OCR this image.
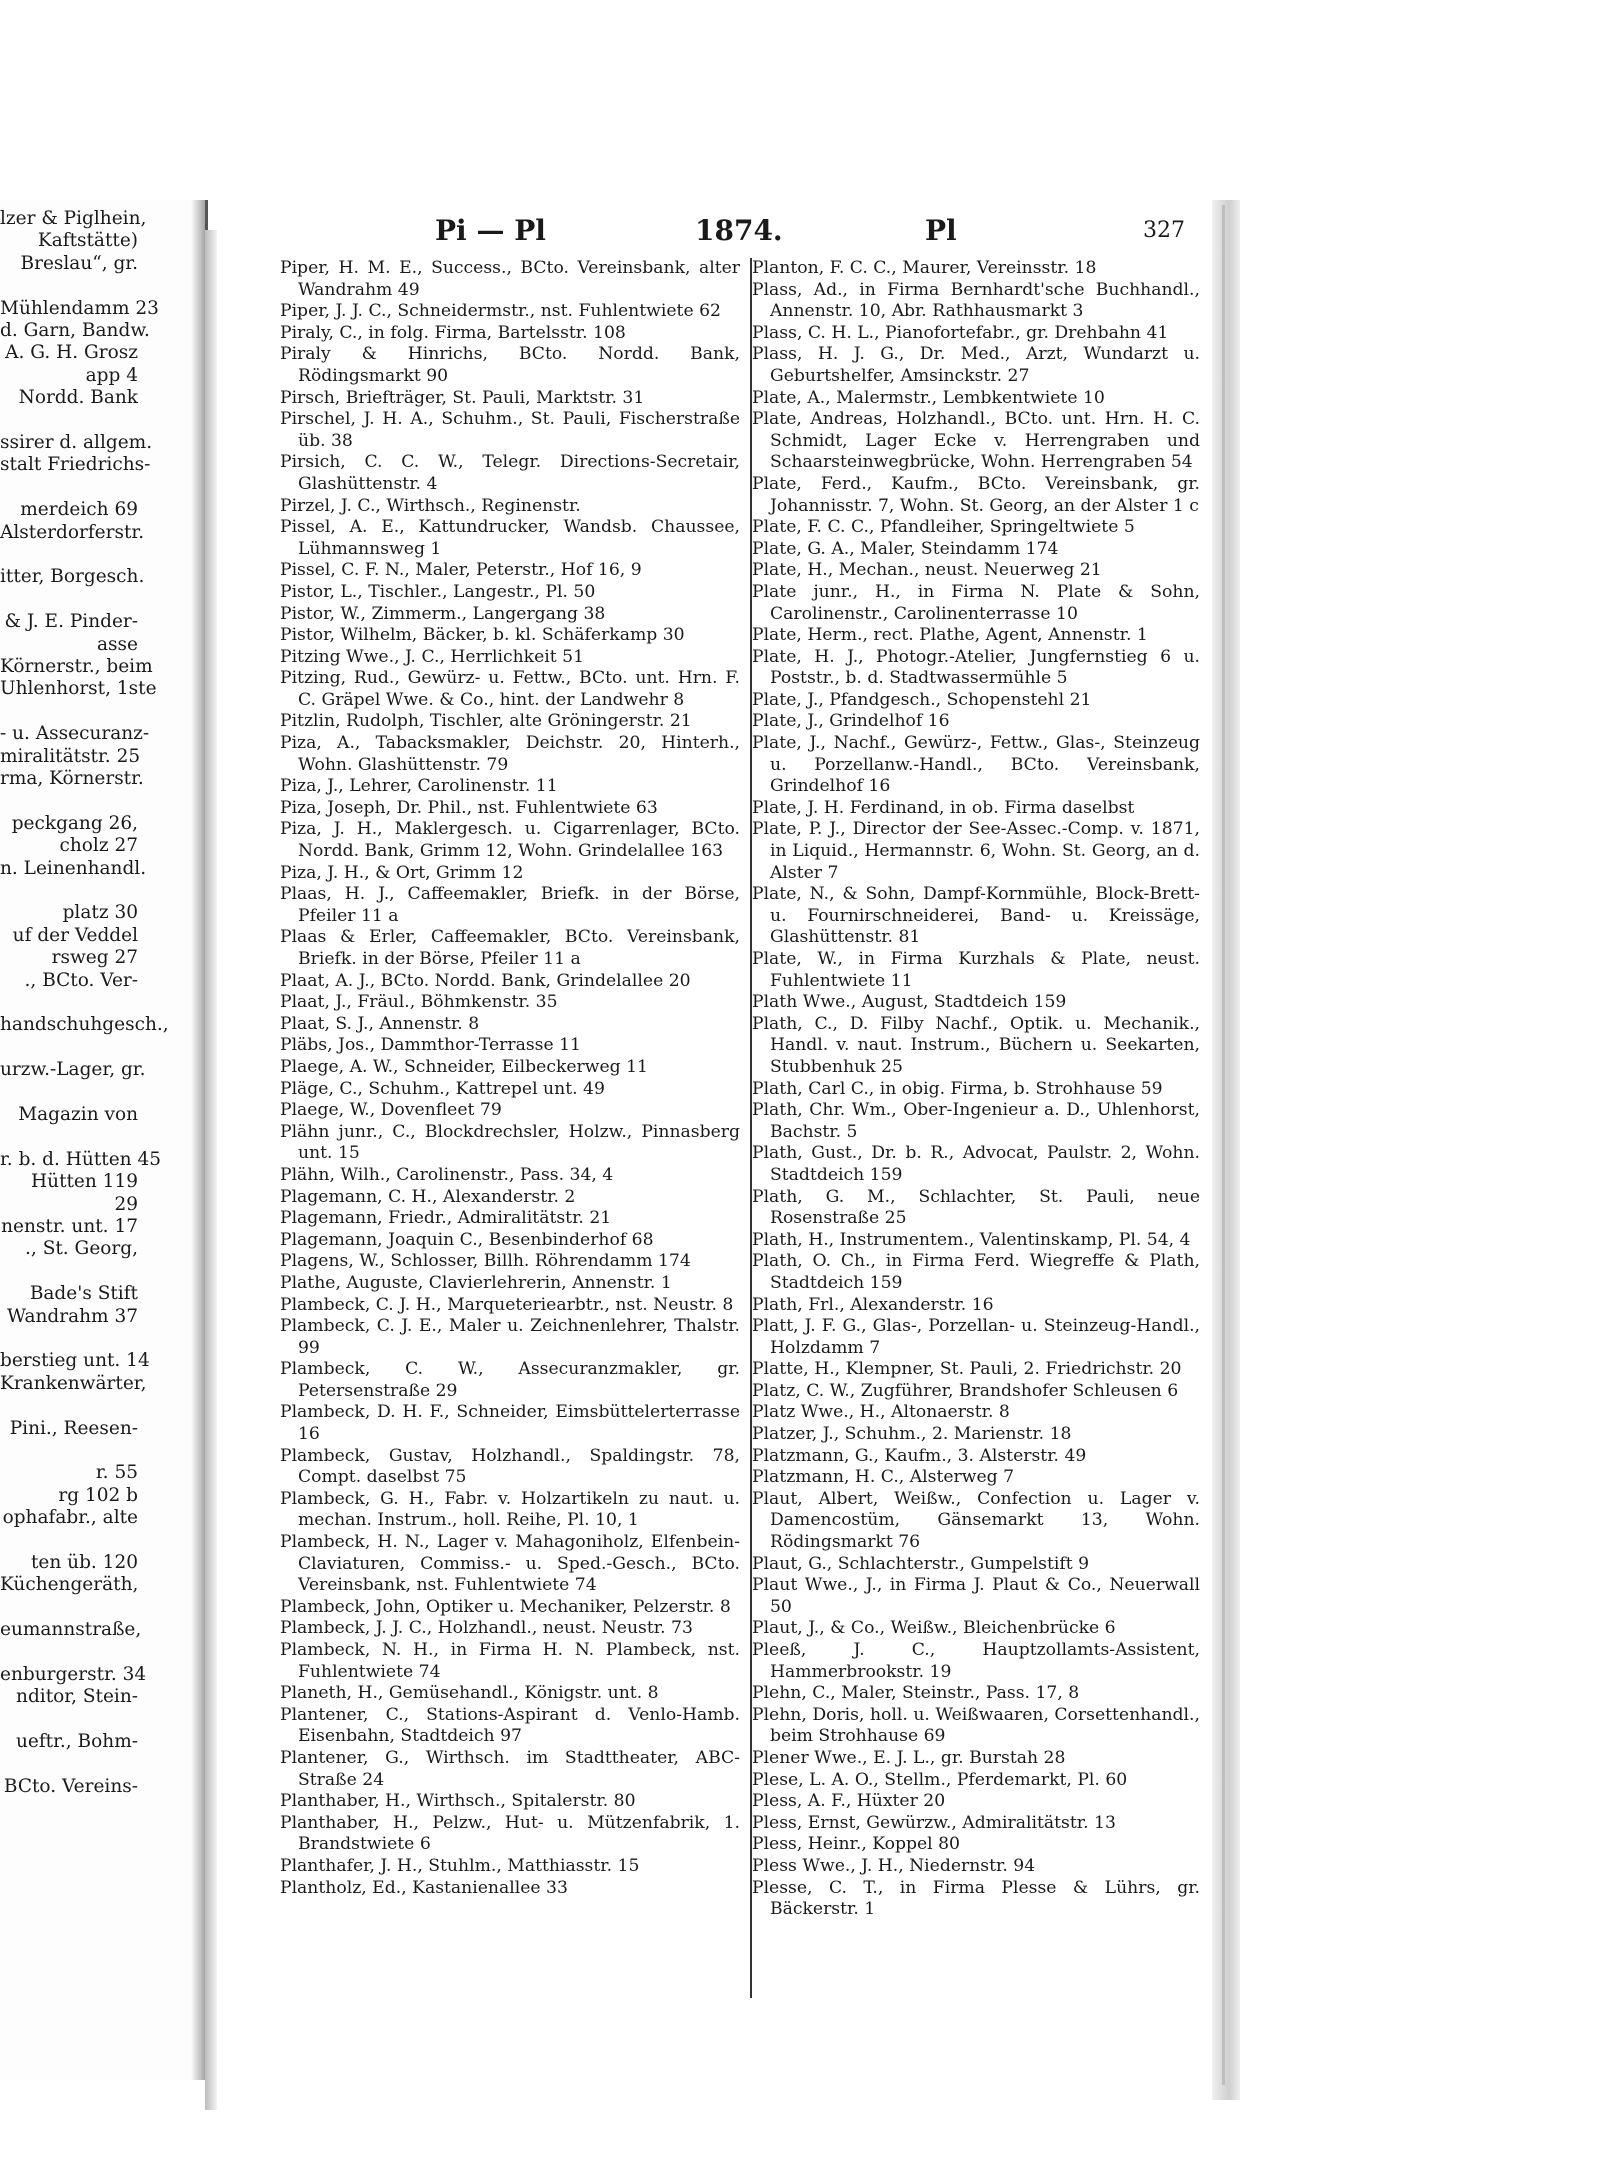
lzer & Piglhein,
Kaftstätte)
Breslau“, gr.
Mühlendamm 23
d. Garn, Bandw.
A. G. H. Grosz
app 4
Nordd. Bank
ssirer d. allgem.
stalt Friedrichs-
merdeich 69
Alsterdorferstr.
itter, Borgesch.
& J. E. Pinder-
asse
Körnerstr., beim
Uhlenhorst, 1ste
- u. Assecuranz-
miralitätstr. 25
rma, Körnerstr.
peckgang 26,
cholz 27
n. Leinenhandl.
platz 30
uf der Veddel
rsweg 27
., BCto. Ver-
handschuhgesch.,
urzw.-Lager, gr.
Magazin von
r. b. d. Hütten 45
Hütten 119
29
nenstr. unt. 17
., St. Georg,
Bade's Stift
Wandrahm 37
berstieg unt. 14
Krankenwärter,
Pini., Reesen-
r. 55
rg 102 b
ophafabr., alte
ten üb. 120
Küchengeräth,
eumannstraße,
enburgerstr. 34
nditor, Stein-
ueftr., Bohm-
BCto. Vereins-
Pi — Pl	1874.	Pl	327

Piper, H. M. E., Success., BCto. Vereinsbank, alter Wandrahm 49

Piper, J. J. C., Schneidermstr., nst. Fuhlentwiete 62

Piraly, C., in folg. Firma, Bartelsstr. 108

Piraly & Hinrichs, BCto. Nordd. Bank, Rödingsmarkt 90

Pirsch, Briefträger, St. Pauli, Marktstr. 31

Pirschel, J. H. A., Schuhm., St. Pauli, Fischerstraße üb. 38

Pirsich, C. C. W., Telegr. Directions-Secretair, Glashüttenstr. 4

Pirzel, J. C., Wirthsch., Reginenstr.

Pissel, A. E., Kattundrucker, Wandsb. Chaussee, Lühmannsweg 1

Pissel, C. F. N., Maler, Peterstr., Hof 16, 9

Pistor, L., Tischler., Langestr., Pl. 50

Pistor, W., Zimmerm., Langergang 38

Pistor, Wilhelm, Bäcker, b. kl. Schäferkamp 30

Pitzing Wwe., J. C., Herrlichkeit 51

Pitzing, Rud., Gewürz- u. Fettw., BCto. unt. Hrn. F. C. Gräpel Wwe. & Co., hint. der Landwehr 8

Pitzlin, Rudolph, Tischler, alte Gröningerstr. 21

Piza, A., Tabacksmakler, Deichstr. 20, Hinterh., Wohn. Glashüttenstr. 79

Piza, J., Lehrer, Carolinenstr. 11

Piza, Joseph, Dr. Phil., nst. Fuhlentwiete 63

Piza, J. H., Maklergesch. u. Cigarrenlager, BCto. Nordd. Bank, Grimm 12, Wohn. Grindelallee 163

Piza, J. H., & Ort, Grimm 12

Plaas, H. J., Caffeemakler, Briefk. in der Börse, Pfeiler 11 a

Plaas & Erler, Caffeemakler, BCto. Vereinsbank, Briefk. in der Börse, Pfeiler 11 a

Plaat, A. J., BCto. Nordd. Bank, Grindelallee 20

Plaat, J., Fräul., Böhmkenstr. 35

Plaat, S. J., Annenstr. 8

Pläbs, Jos., Dammthor-Terrasse 11

Plaege, A. W., Schneider, Eilbeckerweg 11

Pläge, C., Schuhm., Kattrepel unt. 49

Plaege, W., Dovenfleet 79

Plähn junr., C., Blockdrechsler, Holzw., Pinnasberg unt. 15

Plähn, Wilh., Carolinenstr., Pass. 34, 4

Plagemann, C. H., Alexanderstr. 2

Plagemann, Friedr., Admiralitätstr. 21

Plagemann, Joaquin C., Besenbinderhof 68

Plagens, W., Schlosser, Billh. Röhrendamm 174

Plathe, Auguste, Clavierlehrerin, Annenstr. 1

Plambeck, C. J. H., Marqueteriearbtr., nst. Neustr. 8

Plambeck, C. J. E., Maler u. Zeichnenlehrer, Thalstr. 99

Plambeck, C. W., Assecuranzmakler, gr. Petersenstraße 29

Plambeck, D. H. F., Schneider, Eimsbüttelerterrasse 16

Plambeck, Gustav, Holzhandl., Spaldingstr. 78, Compt. daselbst 75

Plambeck, G. H., Fabr. v. Holzartikeln zu naut. u. mechan. Instrum., holl. Reihe, Pl. 10, 1

Plambeck, H. N., Lager v. Mahagoniholz, Elfenbein-Claviaturen, Commiss.- u. Sped.-Gesch., BCto. Vereinsbank, nst. Fuhlentwiete 74

Plambeck, John, Optiker u. Mechaniker, Pelzerstr. 8

Plambeck, J. J. C., Holzhandl., neust. Neustr. 73

Plambeck, N. H., in Firma H. N. Plambeck, nst. Fuhlentwiete 74

Planeth, H., Gemüsehandl., Königstr. unt. 8

Plantener, C., Stations-Aspirant d. Venlo-Hamb. Eisenbahn, Stadtdeich 97

Plantener, G., Wirthsch. im Stadttheater, ABC-Straße 24

Planthaber, H., Wirthsch., Spitalerstr. 80

Planthaber, H., Pelzw., Hut- u. Mützenfabrik, 1. Brandstwiete 6

Planthafer, J. H., Stuhlm., Matthiasstr. 15

Plantholz, Ed., Kastanienallee 33

Planton, F. C. C., Maurer, Vereinsstr. 18

Plass, Ad., in Firma Bernhardt'sche Buchhandl., Annenstr. 10, Abr. Rathhausmarkt 3

Plass, C. H. L., Pianofortefabr., gr. Drehbahn 41

Plass, H. J. G., Dr. Med., Arzt, Wundarzt u. Geburtshelfer, Amsinckstr. 27

Plate, A., Malermstr., Lembkentwiete 10

Plate, Andreas, Holzhandl., BCto. unt. Hrn. H. C. Schmidt, Lager Ecke v. Herrengraben und Schaarsteinwegbrücke, Wohn. Herrengraben 54

Plate, Ferd., Kaufm., BCto. Vereinsbank, gr. Johannisstr. 7, Wohn. St. Georg, an der Alster 1 c

Plate, F. C. C., Pfandleiher, Springeltwiete 5

Plate, G. A., Maler, Steindamm 174

Plate, H., Mechan., neust. Neuerweg 21

Plate junr., H., in Firma N. Plate & Sohn, Carolinenstr., Carolinenterrasse 10

Plate, Herm., rect. Plathe, Agent, Annenstr. 1

Plate, H. J., Photogr.-Atelier, Jungfernstieg 6 u. Poststr., b. d. Stadtwassermühle 5

Plate, J., Pfandgesch., Schopenstehl 21

Plate, J., Grindelhof 16

Plate, J., Nachf., Gewürz-, Fettw., Glas-, Steinzeug u. Porzellanw.-Handl., BCto. Vereinsbank, Grindelhof 16

Plate, J. H. Ferdinand, in ob. Firma daselbst

Plate, P. J., Director der See-Assec.-Comp. v. 1871, in Liquid., Hermannstr. 6, Wohn. St. Georg, an d. Alster 7

Plate, N., & Sohn, Dampf-Kornmühle, Block-Brett- u. Fournirschneiderei, Band- u. Kreissäge, Glashüttenstr. 81

Plate, W., in Firma Kurzhals & Plate, neust. Fuhlentwiete 11

Plath Wwe., August, Stadtdeich 159

Plath, C., D. Filby Nachf., Optik. u. Mechanik., Handl. v. naut. Instrum., Büchern u. Seekarten, Stubbenhuk 25

Plath, Carl C., in obig. Firma, b. Strohhause 59

Plath, Chr. Wm., Ober-Ingenieur a. D., Uhlenhorst, Bachstr. 5

Plath, Gust., Dr. b. R., Advocat, Paulstr. 2, Wohn. Stadtdeich 159

Plath, G. M., Schlachter, St. Pauli, neue Rosenstraße 25

Plath, H., Instrumentem., Valentinskamp, Pl. 54, 4

Plath, O. Ch., in Firma Ferd. Wiegreffe & Plath, Stadtdeich 159

Plath, Frl., Alexanderstr. 16

Platt, J. F. G., Glas-, Porzellan- u. Steinzeug-Handl., Holzdamm 7

Platte, H., Klempner, St. Pauli, 2. Friedrichstr. 20

Platz, C. W., Zugführer, Brandshofer Schleusen 6

Platz Wwe., H., Altonaerstr. 8

Platzer, J., Schuhm., 2. Marienstr. 18

Platzmann, G., Kaufm., 3. Alsterstr. 49

Platzmann, H. C., Alsterweg 7

Plaut, Albert, Weißw., Confection u. Lager v. Damencostüm, Gänsemarkt 13, Wohn. Rödingsmarkt 76

Plaut, G., Schlachterstr., Gumpelstift 9

Plaut Wwe., J., in Firma J. Plaut & Co., Neuerwall 50

Plaut, J., & Co., Weißw., Bleichenbrücke 6

Pleeß, J. C., Hauptzollamts-Assistent, Hammerbrookstr. 19

Plehn, C., Maler, Steinstr., Pass. 17, 8

Plehn, Doris, holl. u. Weißwaaren, Corsettenhandl., beim Strohhause 69

Plener Wwe., E. J. L., gr. Burstah 28

Plese, L. A. O., Stellm., Pferdemarkt, Pl. 60

Pless, A. F., Hüxter 20

Pless, Ernst, Gewürzw., Admiralitätstr. 13

Pless, Heinr., Koppel 80

Pless Wwe., J. H., Niedernstr. 94

Plesse, C. T., in Firma Plesse & Lührs, gr. Bäckerstr. 1
